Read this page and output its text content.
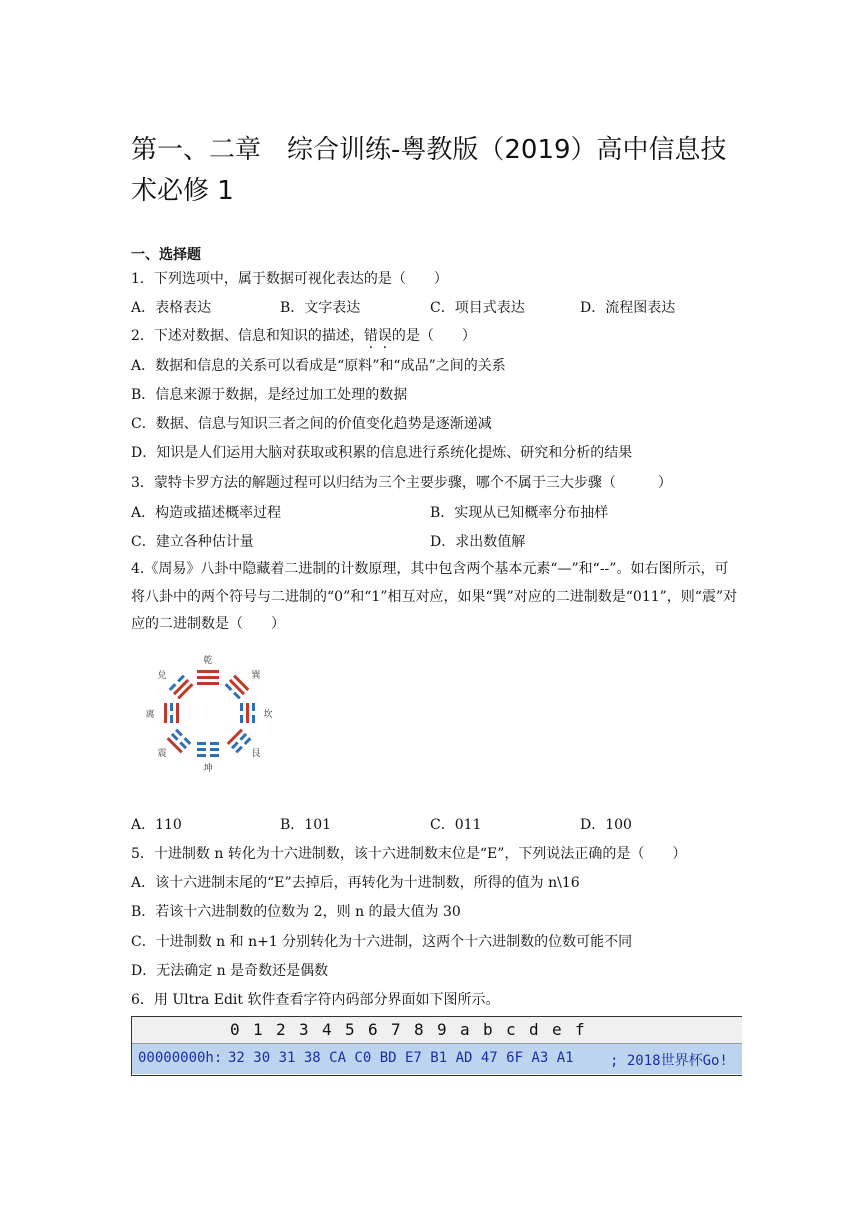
第一、二章　综合训练-粤教版（2019）高中信息技术必修 1
一、选择题
1．下列选项中，属于数据可视化表达的是（　　）
A．表格表达	B．文字表达	C．项目式表达	D．流程图表达
2．下述对数据、信息和知识的描述，错误的是（　　）
A．数据和信息的关系可以看成是“原料”和“成品”之间的关系
B．信息来源于数据，是经过加工处理的数据
C．数据、信息与知识三者之间的价值变化趋势是逐渐递减
D．知识是人们运用大脑对获取或积累的信息进行系统化提炼、研究和分析的结果
3．蒙特卡罗方法的解题过程可以归结为三个主要步骤，哪个不属于三大步骤（　　　）
A．构造或描述概率过程	B．实现从已知概率分布抽样
C．建立各种估计量	D．求出数值解
4.《周易》八卦中隐藏着二进制的计数原理，其中包含两个基本元素“—”和“--”。如右图所示，可将八卦中的两个符号与二进制的“0”和“1”相互对应，如果“巽”对应的二进制数是“011”，则“震”对应的二进制数是（　　）
乾
兑
离
震
坤
艮
坎
巽
A．110	B．101	C．011	D．100
5．十进制数 n 转化为十六进制数，该十六进制数末位是“E”，下列说法正确的是（　　）
A．该十六进制末尾的“E”去掉后，再转化为十进制数，所得的值为 n\16
B．若该十六进制数的位数为 2，则 n 的最大值为 30
C．十进制数 n 和 n+1 分别转化为十六进制，这两个十六进制数的位数可能不同
D．无法确定 n 是奇数还是偶数
6．用 Ultra Edit 软件查看字符内码部分界面如下图所示。
0 1 2 3 4 5 6 7 8 9 a b c d e f
00000000h: 32 30 31 38 CA C0 BD E7 B1 AD 47 6F A3 A1	; 2018世界杯Go!
